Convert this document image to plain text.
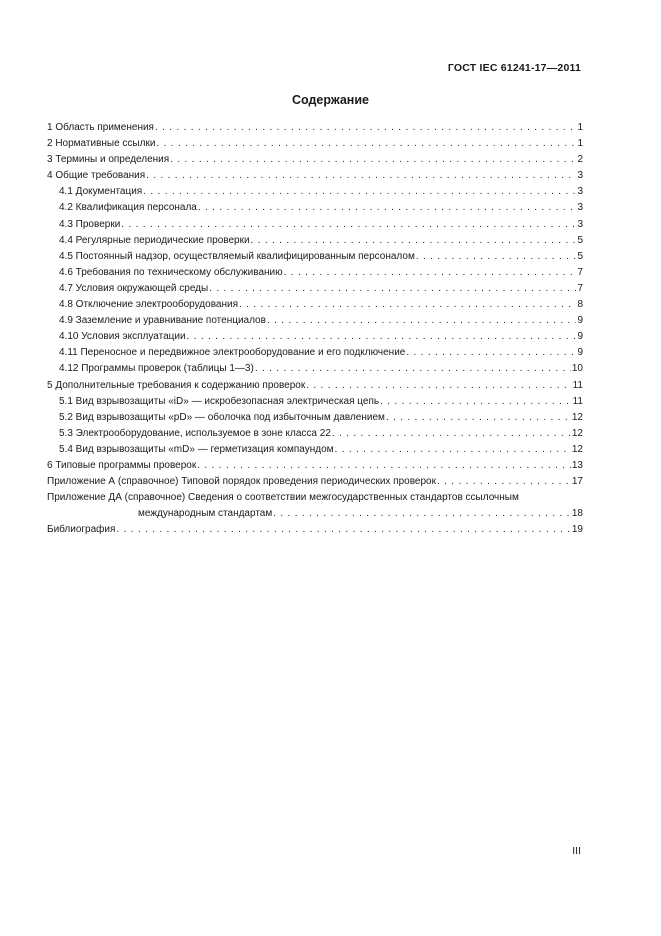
ГОСТ IEC 61241-17—2011
Содержание
1 Область применения . . .	1
2 Нормативные ссылки . . .	1
3 Термины и определения . . .	2
4 Общие требования . . .	3
4.1 Документация . . .	3
4.2 Квалификация персонала . . .	3
4.3 Проверки . . .	3
4.4 Регулярные периодические проверки . . .	5
4.5 Постоянный надзор, осуществляемый квалифицированным персоналом . . .	5
4.6 Требования по техническому обслуживанию . . .	7
4.7 Условия окружающей среды . . .	7
4.8 Отключение электрооборудования . . .	8
4.9 Заземление и уравнивание потенциалов . . .	9
4.10 Условия эксплуатации . . .	9
4.11 Переносное и передвижное электрооборудование и его подключение . . .	9
4.12 Программы проверок (таблицы 1—3) . . .	10
5 Дополнительные требования к содержанию проверок . . .	11
5.1 Вид взрывозащиты «iD» — искробезопасная электрическая цепь . . .	11
5.2 Вид взрывозащиты «pD» — оболочка под избыточным давлением . . .	12
5.3 Электрооборудование, используемое в зоне класса 22 . . .	12
5.4 Вид взрывозащиты «mD» — герметизация компаундом . . .	12
6 Типовые программы проверок . . .	13
Приложение А (справочное) Типовой порядок проведения периодических проверок . . .	17
Приложение ДА (справочное) Сведения о соответствии межгосударственных стандартов ссылочным
международным стандартам . . .	18
Библиография . . .	19
III
